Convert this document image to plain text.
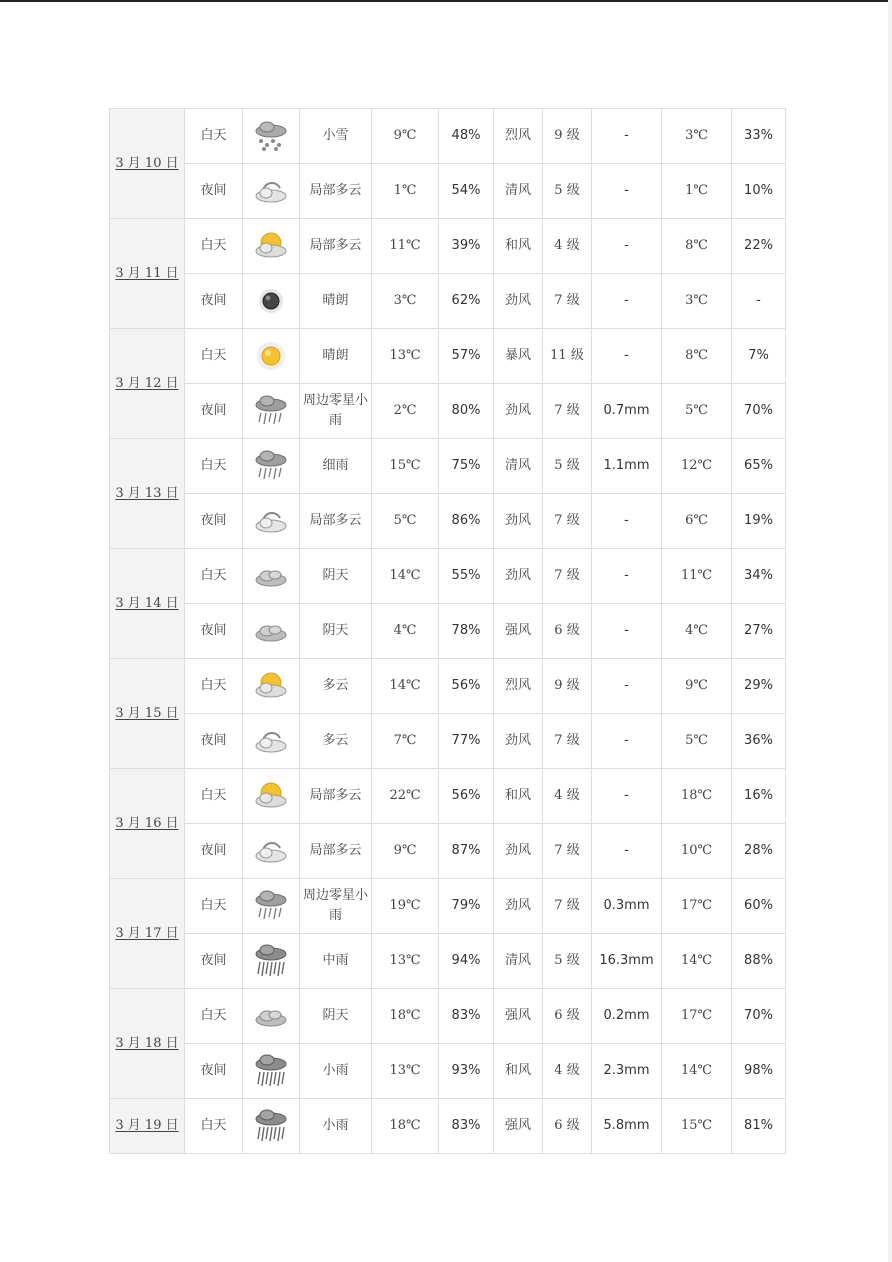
3 月 10 日	白天		小雪	9℃	48%	烈风	9 级	-	3℃	33%
	夜间		局部多云	1℃	54%	清风	5 级	-	1℃	10%
3 月 11 日	白天		局部多云	11℃	39%	和风	4 级	-	8℃	22%
	夜间		晴朗	3℃	62%	劲风	7 级	-	3℃	-
3 月 12 日	白天		晴朗	13℃	57%	暴风	11 级	-	8℃	7%
	夜间		周边零星小雨	2℃	80%	劲风	7 级	0.7mm	5℃	70%
3 月 13 日	白天		细雨	15℃	75%	清风	5 级	1.1mm	12℃	65%
	夜间		局部多云	5℃	86%	劲风	7 级	-	6℃	19%
3 月 14 日	白天		阴天	14℃	55%	劲风	7 级	-	11℃	34%
	夜间		阴天	4℃	78%	强风	6 级	-	4℃	27%
3 月 15 日	白天		多云	14℃	56%	烈风	9 级	-	9℃	29%
	夜间		多云	7℃	77%	劲风	7 级	-	5℃	36%
3 月 16 日	白天		局部多云	22℃	56%	和风	4 级	-	18℃	16%
	夜间		局部多云	9℃	87%	劲风	7 级	-	10℃	28%
3 月 17 日	白天		周边零星小雨	19℃	79%	劲风	7 级	0.3mm	17℃	60%
	夜间		中雨	13℃	94%	清风	5 级	16.3mm	14℃	88%
3 月 18 日	白天		阴天	18℃	83%	强风	6 级	0.2mm	17℃	70%
	夜间		小雨	13℃	93%	和风	4 级	2.3mm	14℃	98%
3 月 19 日	白天		小雨	18℃	83%	强风	6 级	5.8mm	15℃	81%
